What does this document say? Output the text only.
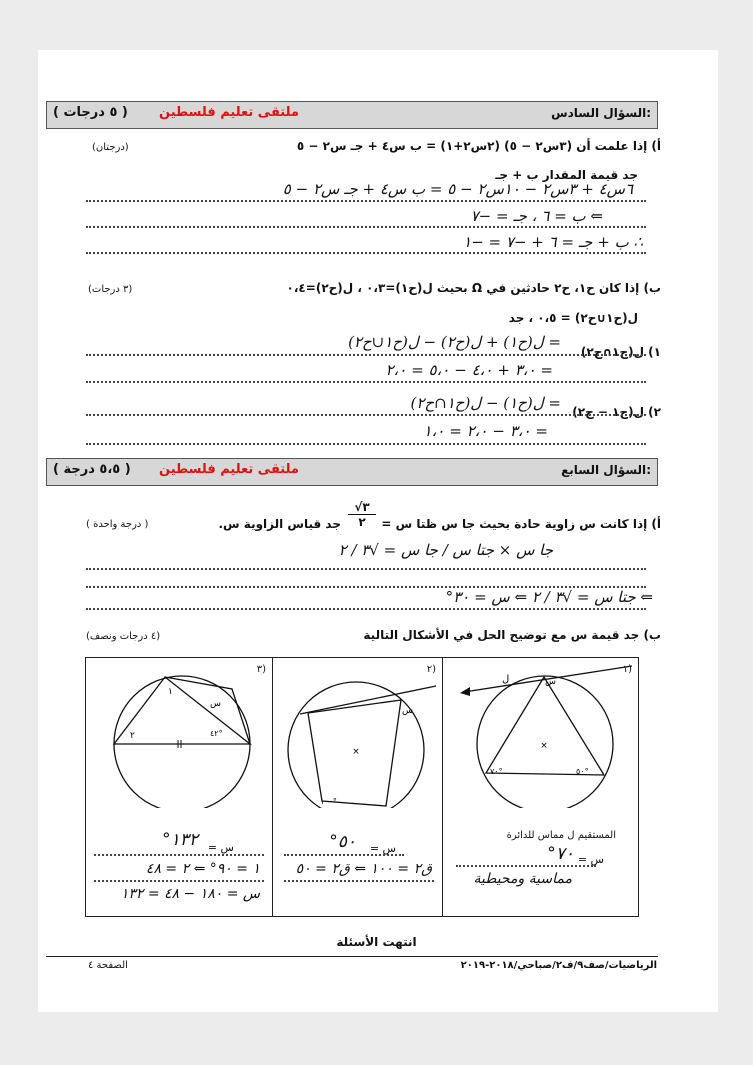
السؤال السادس:
ملتقى تعليم فلسطين
( ٥ درجات )
أ) إذا علمت أن (٣س٢ − ٥) (٢س٢+١) = ب س٤ + جـ س٢ − ٥
(درجتان)
جد قيمة المقدار ب + جـ
٦س٤ + ٣س٢ − ١٠س٢ − ٥ = ب س٤ + جـ س٢ − ٥
⇐ ب = ٦ ، جـ = −٧
∴ ب + جـ = ٦ + −٧ = −١
ب) إذا كان ح١، ح٢ حادثين في Ω بحيث ل(ح١)=٠،٣ ، ل(ح٢)=٠،٤
(٣ درجات)
ل(ح١∪ح٢) = ٠،٥ ، جد
١) ل(ح١∩ح٢)
= ل(ح١) + ل(ح٢) − ل(ح١∪ح٢)
= ٣،٠ + ٤،٠ − ٥،٠ = ٢،٠
٢) ل(ح١ − ح٢)
= ل(ح١) − ل(ح١∩ح٢)
= ٣،٠ − ٢،٠ = ١،٠
السؤال السابع:
ملتقى تعليم فلسطين
( ٥،٥ درجة )
أ) إذا كانت س زاوية حادة بحيث جا س ظتا س =
√٣
٢
جد قياس الزاوية س.
( درجة واحدة )
جا س × جتا س / جا س = √٣ / ٢
⇐ جتا س = √٣ / ٢ ⇐ س = ٣٠°
ب) جد قيمة س مع توضيح الحل في الأشكال التالية
(٤ درجات ونصف)
×
ل	س
٧٠°	٥٠°
١)
المستقيم ل مماس للدائرة
س =
٧٠°
مماسية ومحيطية
×
س
١٠٠°
٢)
س =
٥٠°
ق٢ = ١٠٠ ⇐ ق٢ = ٥٠
١
٢
س
٤٢°
٣)
س =
١٣٢°
١ = ٩٠° ⇐ ٢ = ٤٨
س = ١٨٠ − ٤٨ = ١٣٢
انتهت الأسئلة
الصفحة ٤	الرياضيات/صف٩/ف٢/صباحي/٢٠١٨-٢٠١٩
